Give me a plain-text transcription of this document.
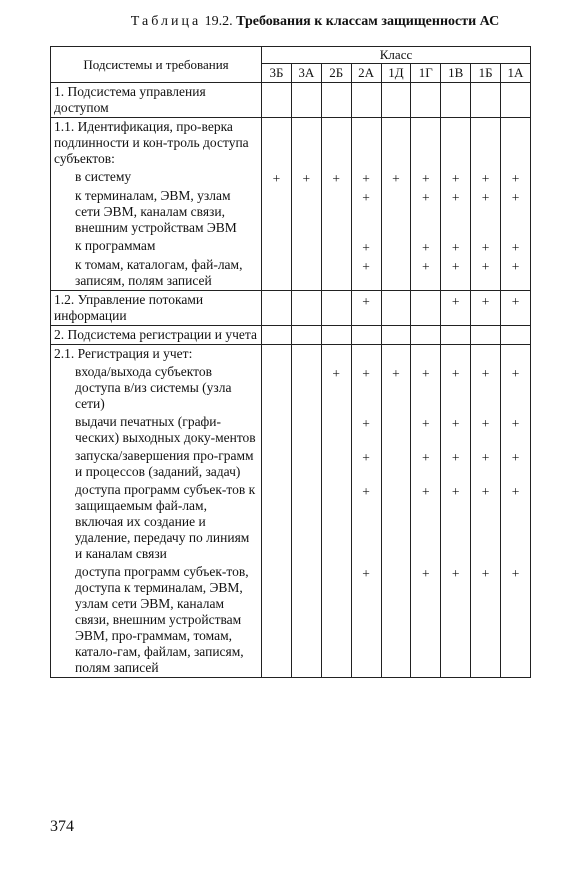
Таблица 19.2. Требования к классам защищенности АС
Подсистемы и требования	Класс								
	3Б	3А	2Б	2А	1Д	1Г	1В	1Б	1А
1. Подсистема управления доступом									
1.1. Идентификация, про-верка подлинности и кон-троль доступа субъектов:									
в систему	+	+	+	+	+	+	+	+	+
к терминалам, ЭВМ, узлам сети ЭВМ, каналам связи, внешним устройствам ЭВМ				+		+	+	+	+
к программам				+		+	+	+	+
к томам, каталогам, фай-лам, записям, полям записей				+		+	+	+	+
1.2. Управление потоками информации				+			+	+	+
2. Подсистема регистрации и учета									
2.1. Регистрация и учет:									
входа/выхода субъектов доступа в/из системы (узла сети)			+	+	+	+	+	+	+
выдачи печатных (графи-ческих) выходных доку-ментов				+		+	+	+	+
запуска/завершения про-грамм и процессов (заданий, задач)				+		+	+	+	+
доступа программ субъек-тов к защищаемым фай-лам, включая их создание и удаление, передачу по линиям и каналам связи				+		+	+	+	+
доступа программ субъек-тов, доступа к терминалам, ЭВМ, узлам сети ЭВМ, каналам связи, внешним устройствам ЭВМ, про-граммам, томам, катало-гам, файлам, записям, полям записей				+		+	+	+	+
374
